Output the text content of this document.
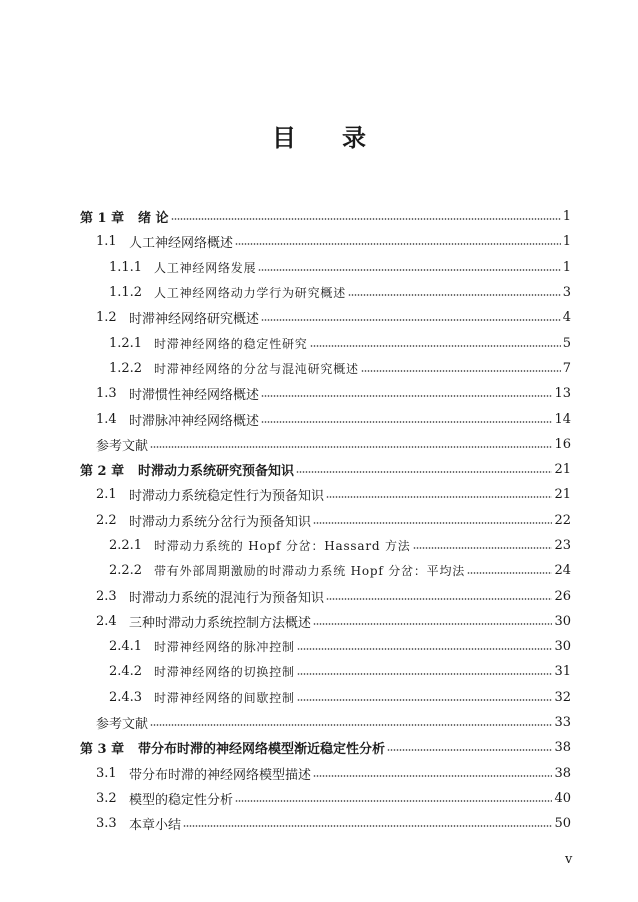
目 录
第 1 章	绪 论	1
1.1 人工神经网络概述	1
1.1.1 人工神经网络发展	1
1.1.2 人工神经网络动力学行为研究概述	3
1.2 时滞神经网络研究概述	4
1.2.1 时滞神经网络的稳定性研究	5
1.2.2 时滞神经网络的分岔与混沌研究概述	7
1.3 时滞惯性神经网络概述	13
1.4 时滞脉冲神经网络概述	14
参考文献	16
第 2 章	时滞动力系统研究预备知识	21
2.1 时滞动力系统稳定性行为预备知识	21
2.2 时滞动力系统分岔行为预备知识	22
2.2.1 时滞动力系统的 Hopf 分岔：Hassard 方法	23
2.2.2 带有外部周期激励的时滞动力系统 Hopf 分岔：平均法	24
2.3 时滞动力系统的混沌行为预备知识	26
2.4 三种时滞动力系统控制方法概述	30
2.4.1 时滞神经网络的脉冲控制	30
2.4.2 时滞神经网络的切换控制	31
2.4.3 时滞神经网络的间歇控制	32
参考文献	33
第 3 章	带分布时滞的神经网络模型渐近稳定性分析	38
3.1 带分布时滞的神经网络模型描述	38
3.2 模型的稳定性分析	40
3.3 本章小结	50
v
